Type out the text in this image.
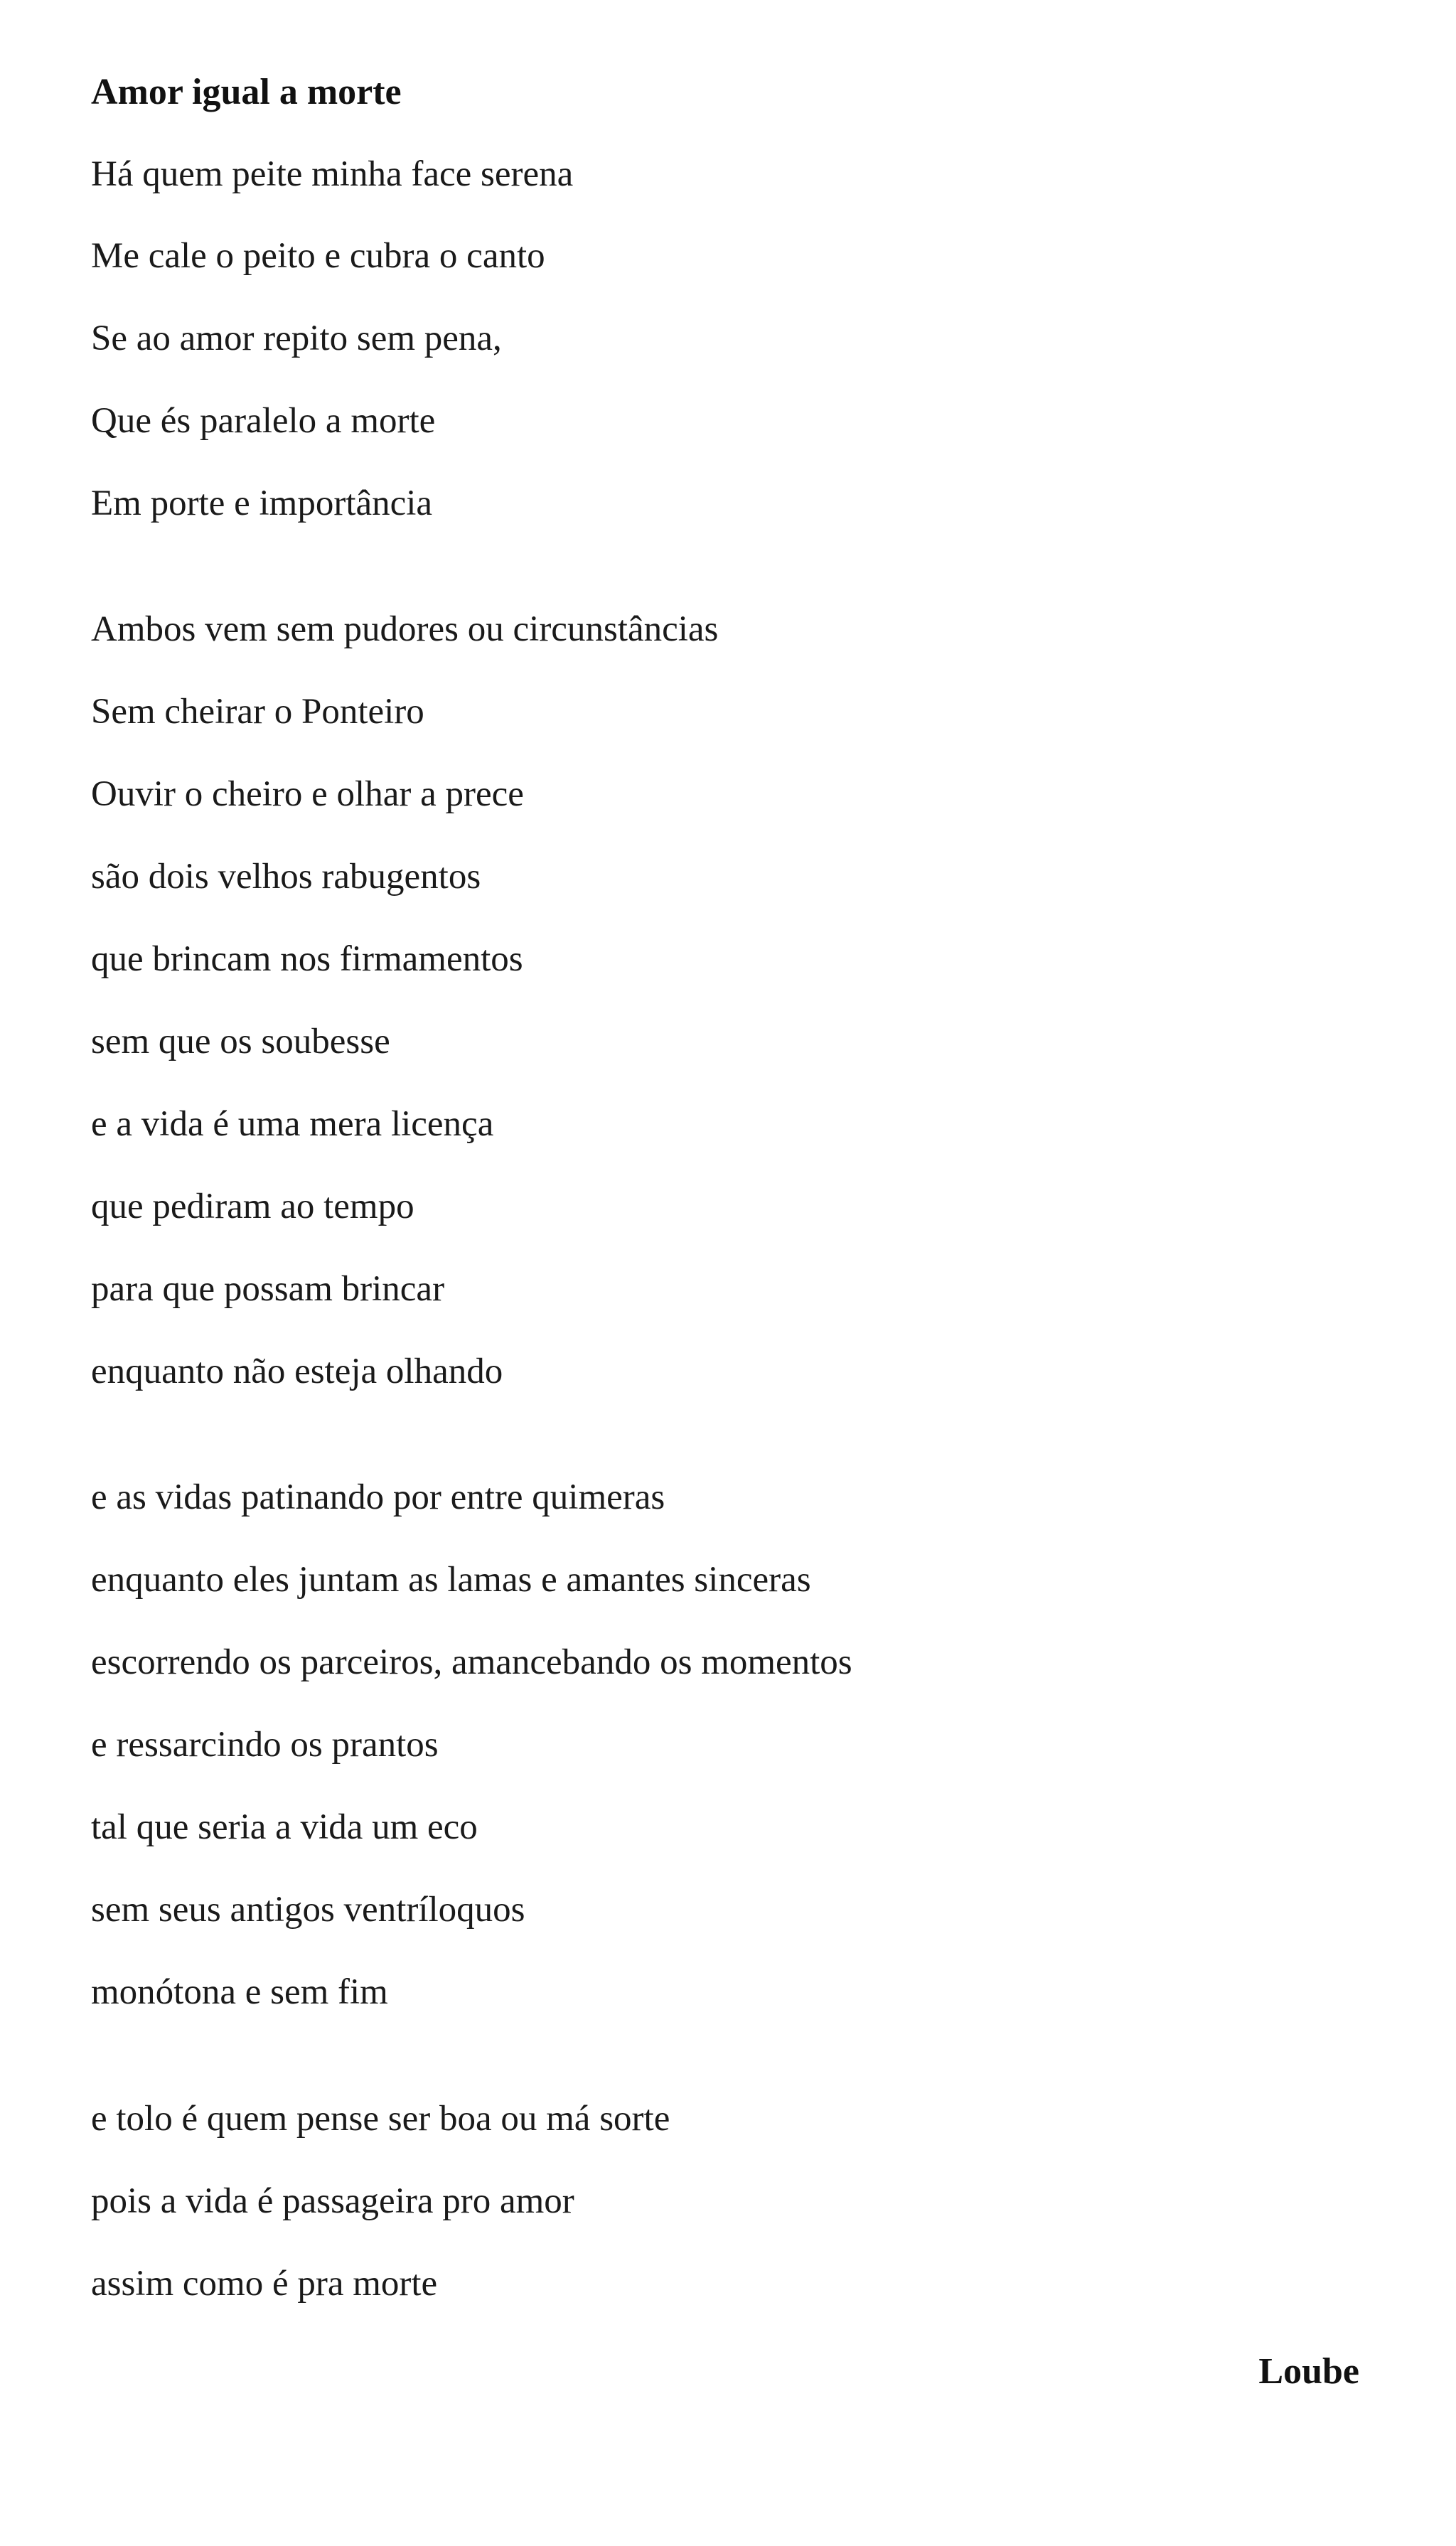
Amor igual a morte

Há quem peite minha face serena

Me cale o peito e cubra o canto

Se ao amor repito sem pena,

Que és paralelo a morte

Em porte e importância

Ambos vem sem pudores ou circunstâncias

Sem cheirar o Ponteiro

Ouvir o cheiro e olhar a prece

são dois velhos rabugentos

que brincam nos firmamentos

sem que os soubesse

e a vida é uma mera licença

que pediram ao tempo

para que possam brincar

enquanto não esteja olhando

e as vidas patinando por entre quimeras

enquanto eles juntam as lamas e amantes sinceras

escorrendo os parceiros, amancebando os momentos

e ressarcindo os prantos

tal que seria a vida um eco

sem seus antigos ventríloquos

monótona e sem fim

e tolo é quem pense ser boa ou má sorte

pois a vida é passageira pro amor

assim como é pra morte

Loube
